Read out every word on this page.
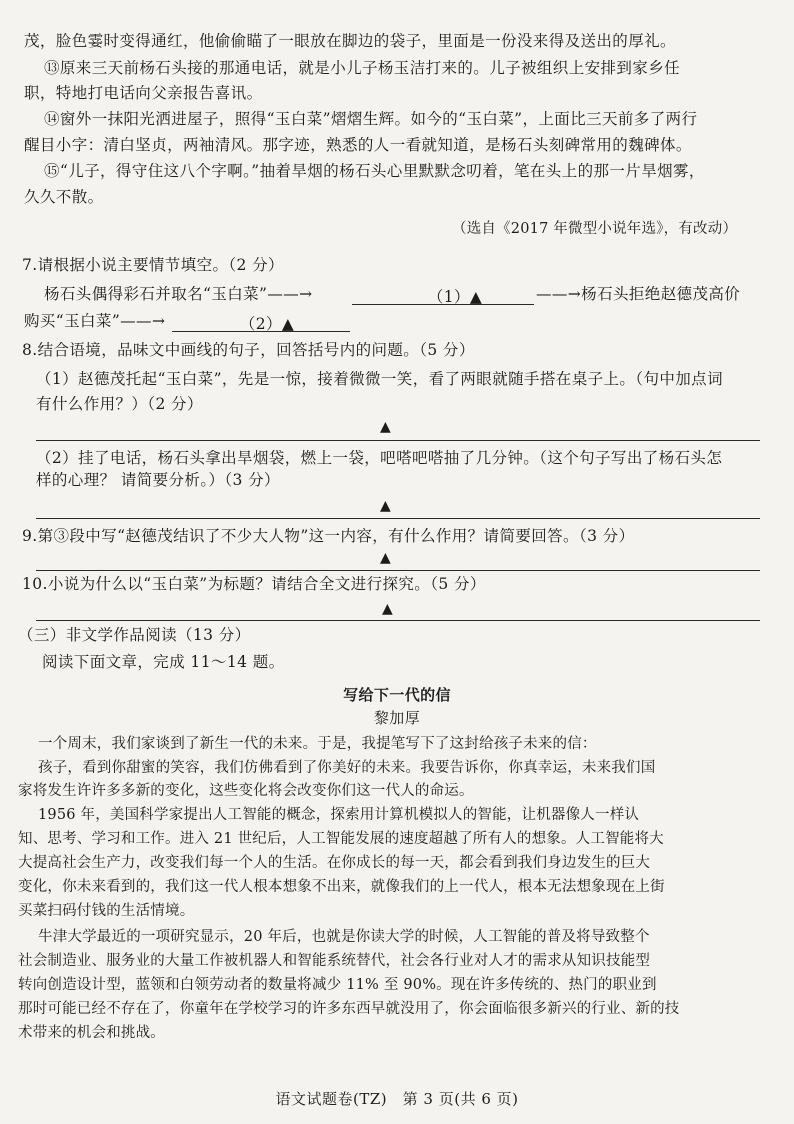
茂，脸色霎时变得通红，他偷偷瞄了一眼放在脚边的袋子，里面是一份没来得及送出的厚礼。
⑬原来三天前杨石头接的那通电话，就是小儿子杨玉洁打来的。儿子被组织上安排到家乡任
职，特地打电话向父亲报告喜讯。
⑭窗外一抹阳光洒进屋子，照得“玉白菜”熠熠生辉。如今的“玉白菜”，上面比三天前多了两行
醒目小字：清白坚贞，两袖清风。那字迹，熟悉的人一看就知道，是杨石头刻碑常用的魏碑体。
⑮“儿子，得守住这八个字啊。”抽着旱烟的杨石头心里默默念叨着，笔在头上的那一片旱烟雾，
久久不散。
（选自《2017 年微型小说年选》，有改动）
7.请根据小说主要情节填空。（2 分）
杨石头偶得彩石并取名“玉白菜”——→	（1）▲	——→杨石头拒绝赵德茂高价
购买“玉白菜”——→	（2）▲
8.结合语境，品味文中画线的句子，回答括号内的问题。（5 分）
（1）赵德茂托起“玉白菜”，先是一惊，接着微微一笑，看了两眼就随手搭在桌子上。（句中加点词
有什么作用？）（2 分）
▲
（2）挂了电话，杨石头拿出旱烟袋，燃上一袋，吧嗒吧嗒抽了几分钟。（这个句子写出了杨石头怎
样的心理？ 请简要分析。）（3 分）
▲
9.第③段中写“赵德茂结识了不少大人物”这一内容，有什么作用？请简要回答。（3 分）
▲
10.小说为什么以“玉白菜”为标题？请结合全文进行探究。（5 分）
▲
（三）非文学作品阅读（13 分）
阅读下面文章，完成 11～14 题。
写给下一代的信
黎加厚
一个周末，我们家谈到了新生一代的未来。于是，我提笔写下了这封给孩子未来的信：
孩子，看到你甜蜜的笑容，我们仿佛看到了你美好的未来。我要告诉你，你真幸运，未来我们国
家将发生许许多多新的变化，这些变化将会改变你们这一代人的命运。
1956 年，美国科学家提出人工智能的概念，探索用计算机模拟人的智能，让机器像人一样认
知、思考、学习和工作。进入 21 世纪后，人工智能发展的速度超越了所有人的想象。人工智能将大
大提高社会生产力，改变我们每一个人的生活。在你成长的每一天，都会看到我们身边发生的巨大
变化，你未来看到的，我们这一代人根本想象不出来，就像我们的上一代人，根本无法想象现在上街
买菜扫码付钱的生活情境。
牛津大学最近的一项研究显示，20 年后，也就是你读大学的时候，人工智能的普及将导致整个
社会制造业、服务业的大量工作被机器人和智能系统替代，社会各行业对人才的需求从知识技能型
转向创造设计型，蓝领和白领劳动者的数量将减少 11% 至 90%。现在许多传统的、热门的职业到
那时可能已经不存在了，你童年在学校学习的许多东西早就没用了，你会面临很多新兴的行业、新的技
术带来的机会和挑战。
语文试题卷(TZ)　第 3 页(共 6 页)
